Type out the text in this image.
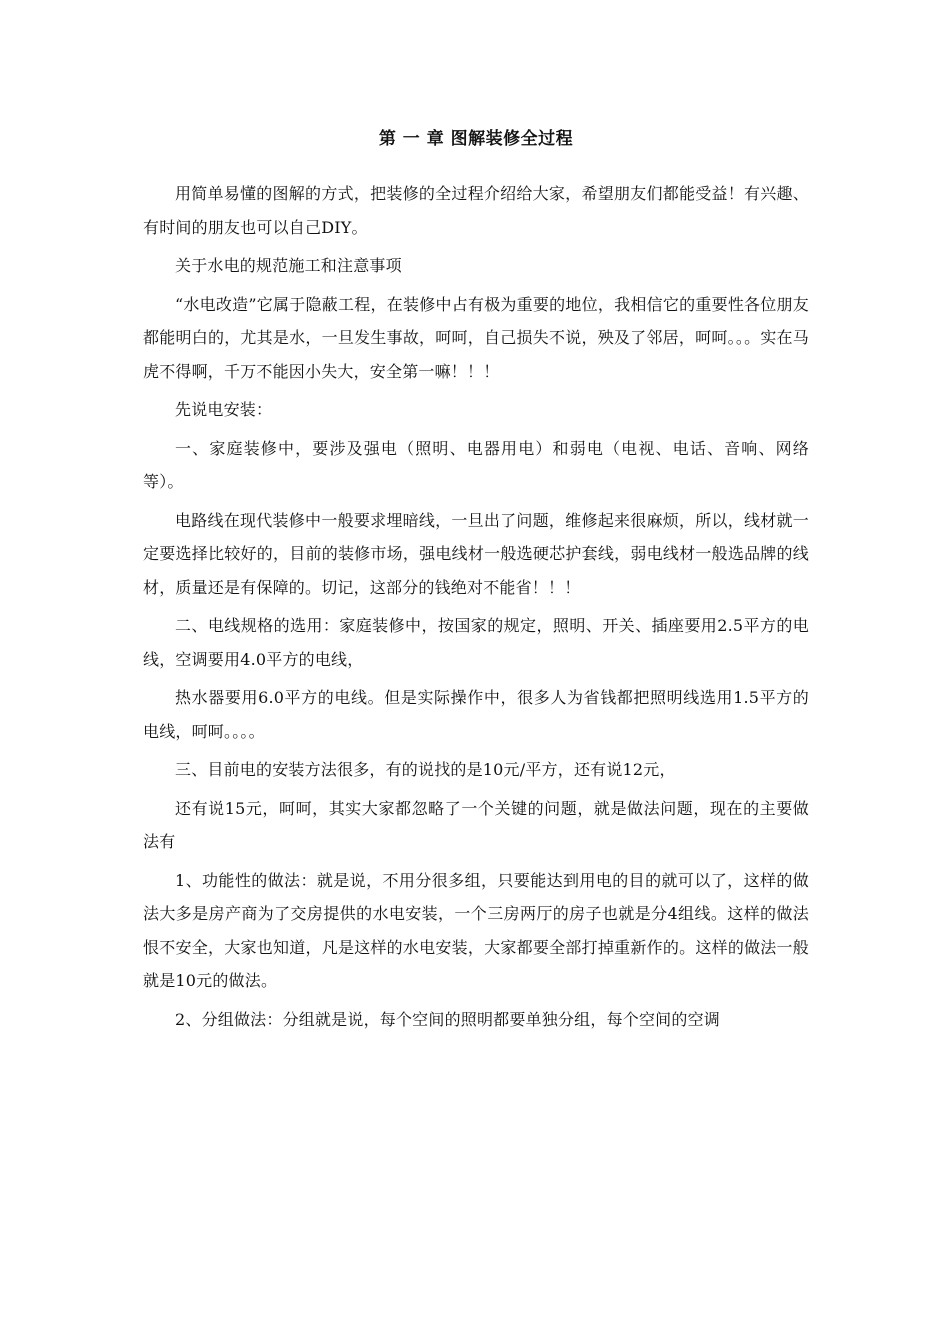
第 一 章 图解装修全过程

用简单易懂的图解的方式，把装修的全过程介绍给大家，希望朋友们都能受益！有兴趣、有时间的朋友也可以自己DIY。

关于水电的规范施工和注意事项

“水电改造”它属于隐蔽工程，在装修中占有极为重要的地位，我相信它的重要性各位朋友都能明白的，尤其是水，一旦发生事故，呵呵，自己损失不说，殃及了邻居，呵呵。。。实在马虎不得啊，千万不能因小失大，安全第一嘛！！！

先说电安装：

一、家庭装修中，要涉及强电（照明、电器用电）和弱电（电视、电话、音响、网络等）。

电路线在现代装修中一般要求埋暗线，一旦出了问题，维修起来很麻烦，所以，线材就一定要选择比较好的，目前的装修市场，强电线材一般选硬芯护套线，弱电线材一般选品牌的线材，质量还是有保障的。切记，这部分的钱绝对不能省！！！

二、电线规格的选用：家庭装修中，按国家的规定，照明、开关、插座要用2.5平方的电线，空调要用4.0平方的电线，

热水器要用6.0平方的电线。但是实际操作中，很多人为省钱都把照明线选用1.5平方的电线，呵呵。。。。

三、目前电的安装方法很多，有的说找的是10元/平方，还有说12元，

还有说15元，呵呵，其实大家都忽略了一个关键的问题，就是做法问题，现在的主要做法有

1、功能性的做法：就是说，不用分很多组，只要能达到用电的目的就可以了，这样的做法大多是房产商为了交房提供的水电安装，一个三房两厅的房子也就是分4组线。这样的做法恨不安全，大家也知道，凡是这样的水电安装，大家都要全部打掉重新作的。这样的做法一般就是10元的做法。

2、分组做法：分组就是说，每个空间的照明都要单独分组，每个空间的空调
